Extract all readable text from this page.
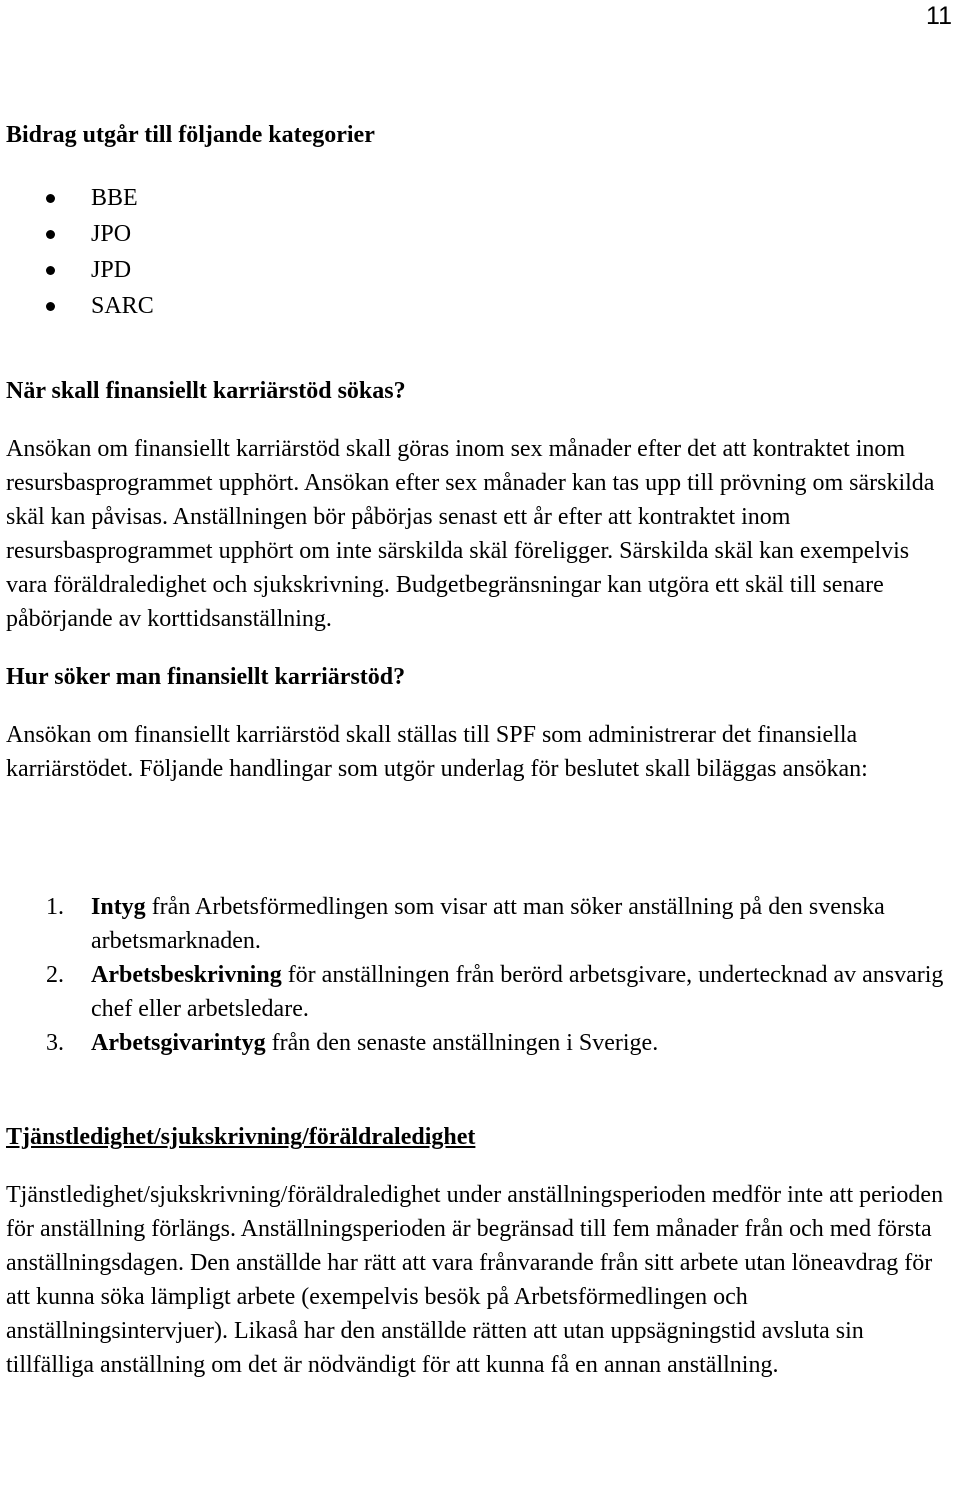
11
Bidrag utgår till följande kategorier
BBE
JPO
JPD
SARC
När skall finansiellt karriärstöd sökas?

Ansökan om finansiellt karriärstöd skall göras inom sex månader efter det att kontraktet inom resursbasprogrammet upphört. Ansökan efter sex månader kan tas upp till prövning om särskilda skäl kan påvisas. Anställningen bör påbörjas senast ett år efter att kontraktet inom resursbasprogrammet upphört om inte särskilda skäl föreligger. Särskilda skäl kan exempelvis vara föräldraledighet och sjukskrivning. Budgetbegränsningar kan utgöra ett skäl till senare påbörjande av korttidsanställning.

Hur söker man finansiellt karriärstöd?

Ansökan om finansiellt karriärstöd skall ställas till SPF som administrerar det finansiella karriärstödet. Följande handlingar som utgör underlag för beslutet skall biläggas ansökan:

1. Intyg från Arbetsförmedlingen som visar att man söker anställning på den svenska arbetsmarknaden.
2. Arbetsbeskrivning för anställningen från berörd arbetsgivare, undertecknad av ansvarig chef eller arbetsledare.
3. Arbetsgivarintyg från den senaste anställningen i Sverige.
Tjänstledighet/sjukskrivning/föräldraledighet

Tjänstledighet/sjukskrivning/föräldraledighet under anställningsperioden medför inte att perioden för anställning förlängs. Anställningsperioden är begränsad till fem månader från och med första anställningsdagen. Den anställde har rätt att vara frånvarande från sitt arbete utan löneavdrag för att kunna söka lämpligt arbete (exempelvis besök på Arbetsförmedlingen och anställningsintervjuer). Likaså har den anställde rätten att utan uppsägningstid avsluta sin tillfälliga anställning om det är nödvändigt för att kunna få en annan anställning.
